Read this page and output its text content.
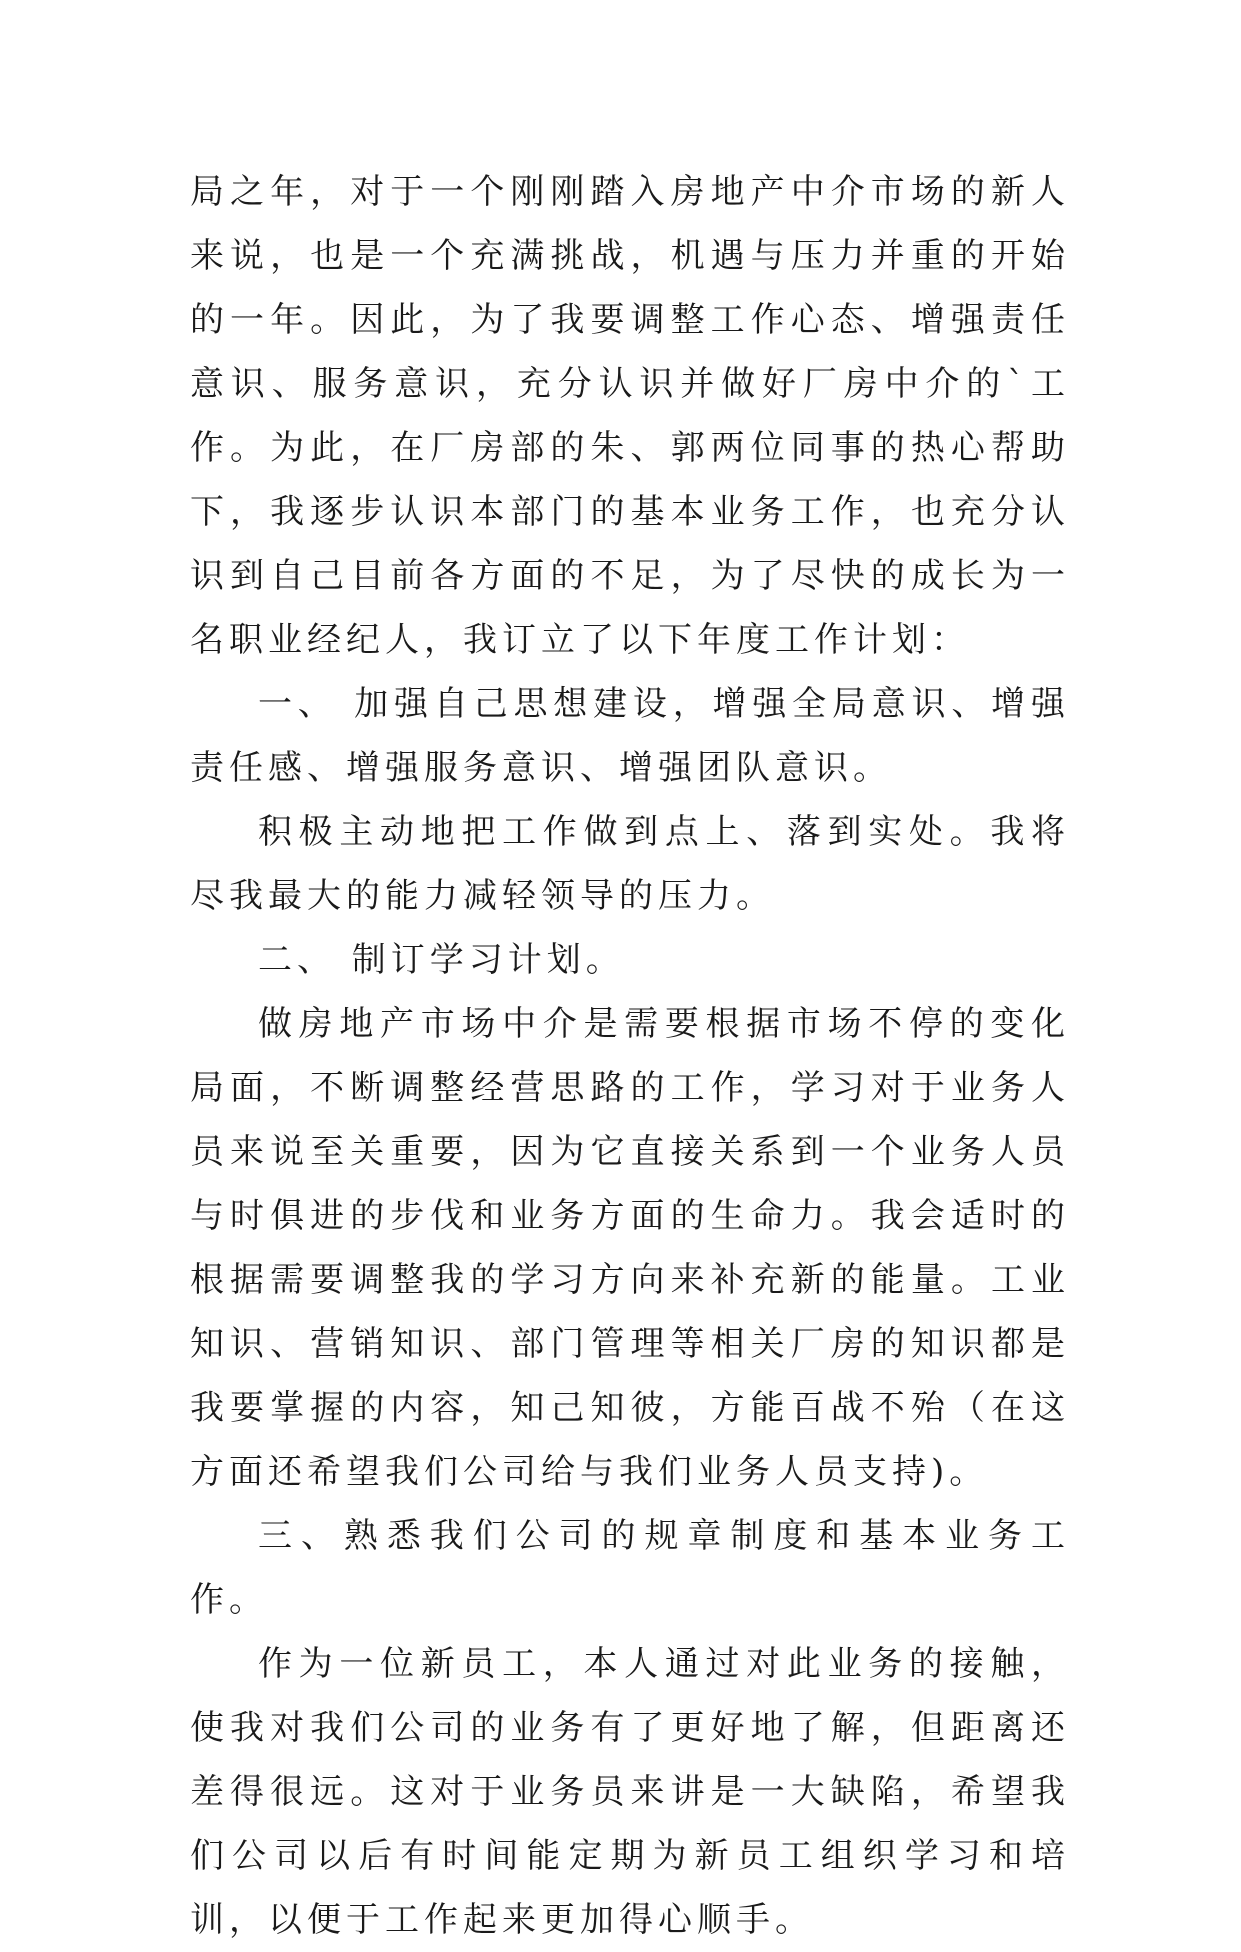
局之年，对于一个刚刚踏入房地产中介市场的新人来说，也是一个充满挑战，机遇与压力并重的开始的一年。因此，为了我要调整工作心态、增强责任意识、服务意识，充分认识并做好厂房中介的`工作。为此，在厂房部的朱、郭两位同事的热心帮助下，我逐步认识本部门的基本业务工作，也充分认识到自己目前各方面的不足，为了尽快的成长为一名职业经纪人，我订立了以下年度工作计划：

一、 加强自己思想建设，增强全局意识、增强责任感、增强服务意识、增强团队意识。

积极主动地把工作做到点上、落到实处。我将尽我最大的能力减轻领导的压力。

二、 制订学习计划。

做房地产市场中介是需要根据市场不停的变化局面，不断调整经营思路的工作，学习对于业务人员来说至关重要，因为它直接关系到一个业务人员与时俱进的步伐和业务方面的生命力。我会适时的根据需要调整我的学习方向来补充新的能量。工业知识、营销知识、部门管理等相关厂房的知识都是我要掌握的内容，知己知彼，方能百战不殆（在这方面还希望我们公司给与我们业务人员支持)。

三、熟悉我们公司的规章制度和基本业务工作。

作为一位新员工，本人通过对此业务的接触，使我对我们公司的业务有了更好地了解，但距离还差得很远。这对于业务员来讲是一大缺陷，希望我们公司以后有时间能定期为新员工组织学习和培训，以便于工作起来更加得心顺手。
